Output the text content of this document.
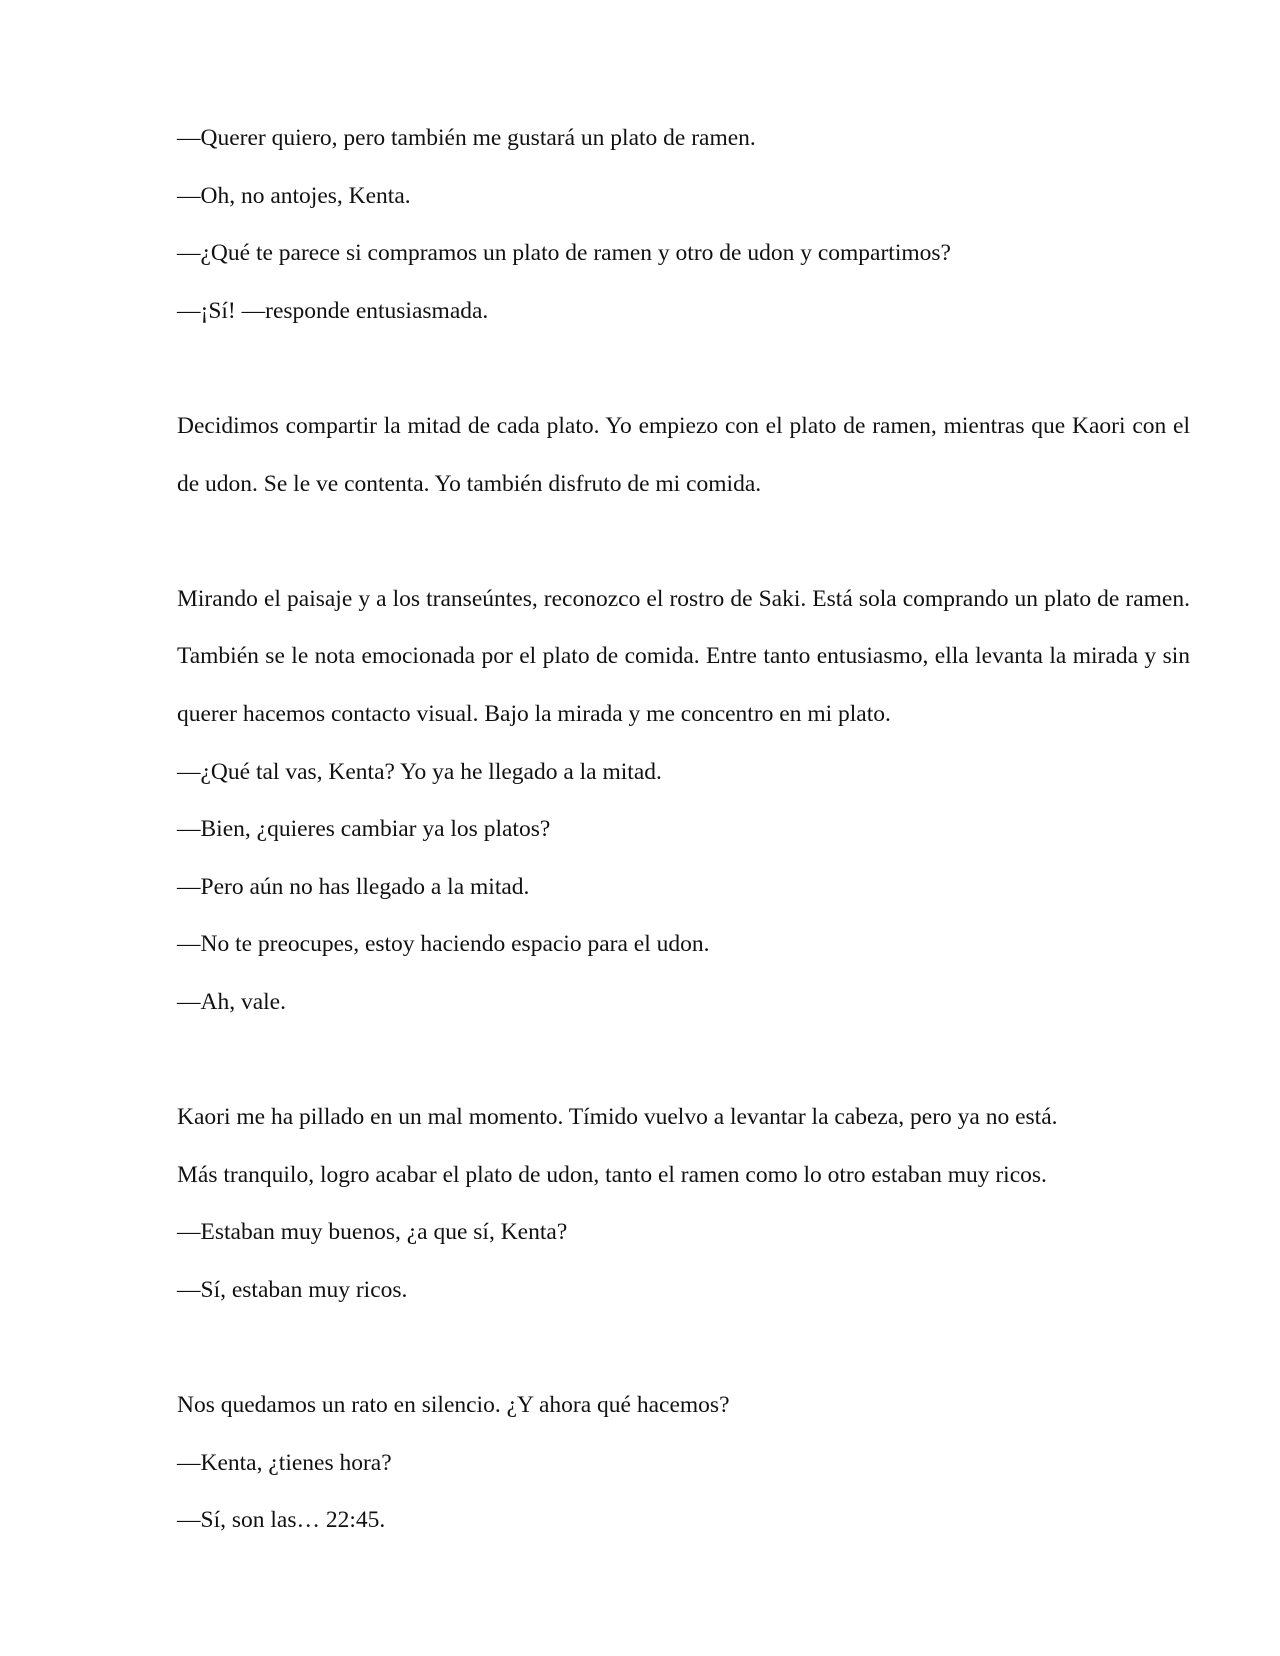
—Querer quiero, pero también me gustará un plato de ramen.

—Oh, no antojes, Kenta.

—¿Qué te parece si compramos un plato de ramen y otro de udon y compartimos?

—¡Sí! —responde entusiasmada.

Decidimos compartir la mitad de cada plato. Yo empiezo con el plato de ramen, mientras que Kaori con el de udon. Se le ve contenta. Yo también disfruto de mi comida.

Mirando el paisaje y a los transeúntes, reconozco el rostro de Saki. Está sola comprando un plato de ramen. También se le nota emocionada por el plato de comida. Entre tanto entusiasmo, ella levanta la mirada y sin querer hacemos contacto visual. Bajo la mirada y me concentro en mi plato.

—¿Qué tal vas, Kenta? Yo ya he llegado a la mitad.

—Bien, ¿quieres cambiar ya los platos?

—Pero aún no has llegado a la mitad.

—No te preocupes, estoy haciendo espacio para el udon.

—Ah, vale.

Kaori me ha pillado en un mal momento. Tímido vuelvo a levantar la cabeza, pero ya no está.

Más tranquilo, logro acabar el plato de udon, tanto el ramen como lo otro estaban muy ricos.

—Estaban muy buenos, ¿a que sí, Kenta?

—Sí, estaban muy ricos.

Nos quedamos un rato en silencio. ¿Y ahora qué hacemos?

—Kenta, ¿tienes hora?

—Sí, son las… 22:45.
